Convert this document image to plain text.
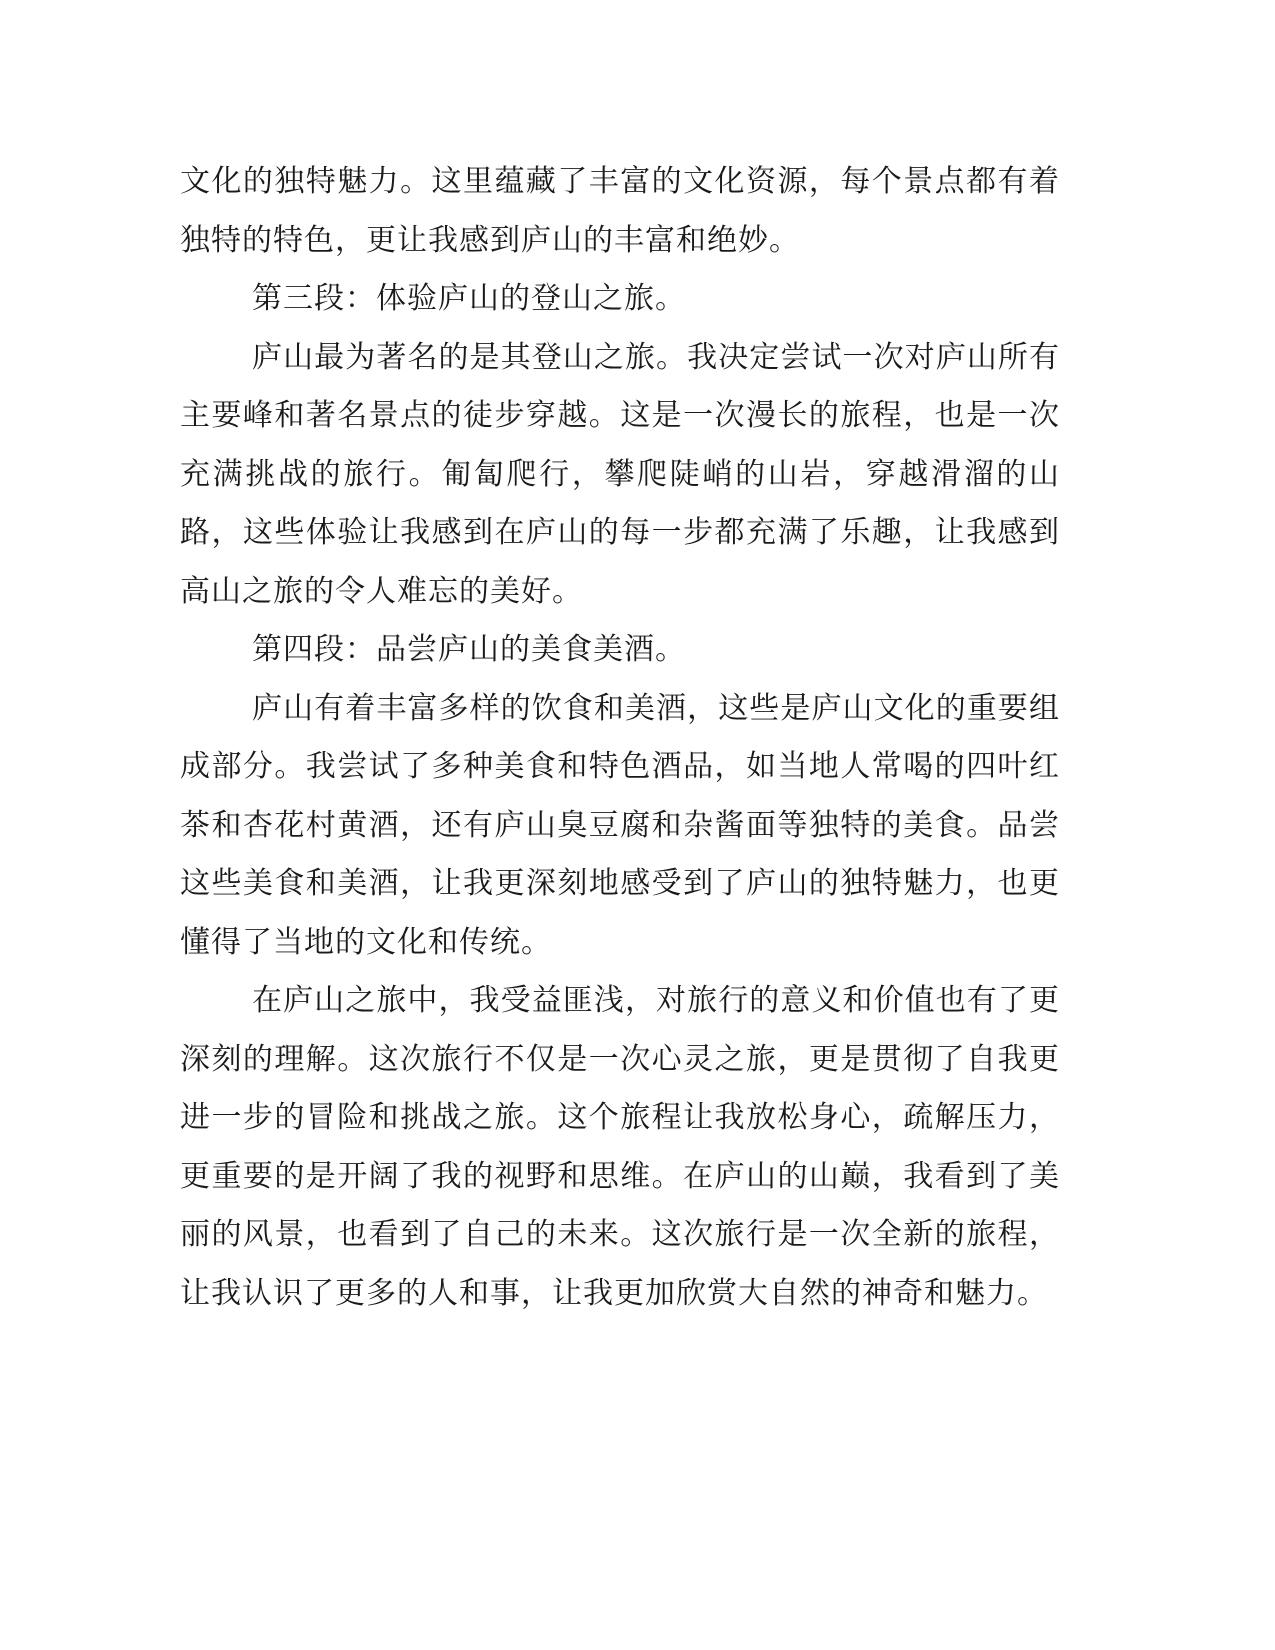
文化的独特魅力。这里蕴藏了丰富的文化资源，每个景点都有着独特的特色，更让我感到庐山的丰富和绝妙。

第三段：体验庐山的登山之旅。

庐山最为著名的是其登山之旅。我决定尝试一次对庐山所有主要峰和著名景点的徒步穿越。这是一次漫长的旅程，也是一次充满挑战的旅行。匍匐爬行，攀爬陡峭的山岩，穿越滑溜的山路，这些体验让我感到在庐山的每一步都充满了乐趣，让我感到高山之旅的令人难忘的美好。

第四段：品尝庐山的美食美酒。

庐山有着丰富多样的饮食和美酒，这些是庐山文化的重要组成部分。我尝试了多种美食和特色酒品，如当地人常喝的四叶红茶和杏花村黄酒，还有庐山臭豆腐和杂酱面等独特的美食。品尝这些美食和美酒，让我更深刻地感受到了庐山的独特魅力，也更懂得了当地的文化和传统。

在庐山之旅中，我受益匪浅，对旅行的意义和价值也有了更深刻的理解。这次旅行不仅是一次心灵之旅，更是贯彻了自我更进一步的冒险和挑战之旅。这个旅程让我放松身心，疏解压力，更重要的是开阔了我的视野和思维。在庐山的山巅，我看到了美丽的风景，也看到了自己的未来。这次旅行是一次全新的旅程，让我认识了更多的人和事，让我更加欣赏大自然的神奇和魅力。
